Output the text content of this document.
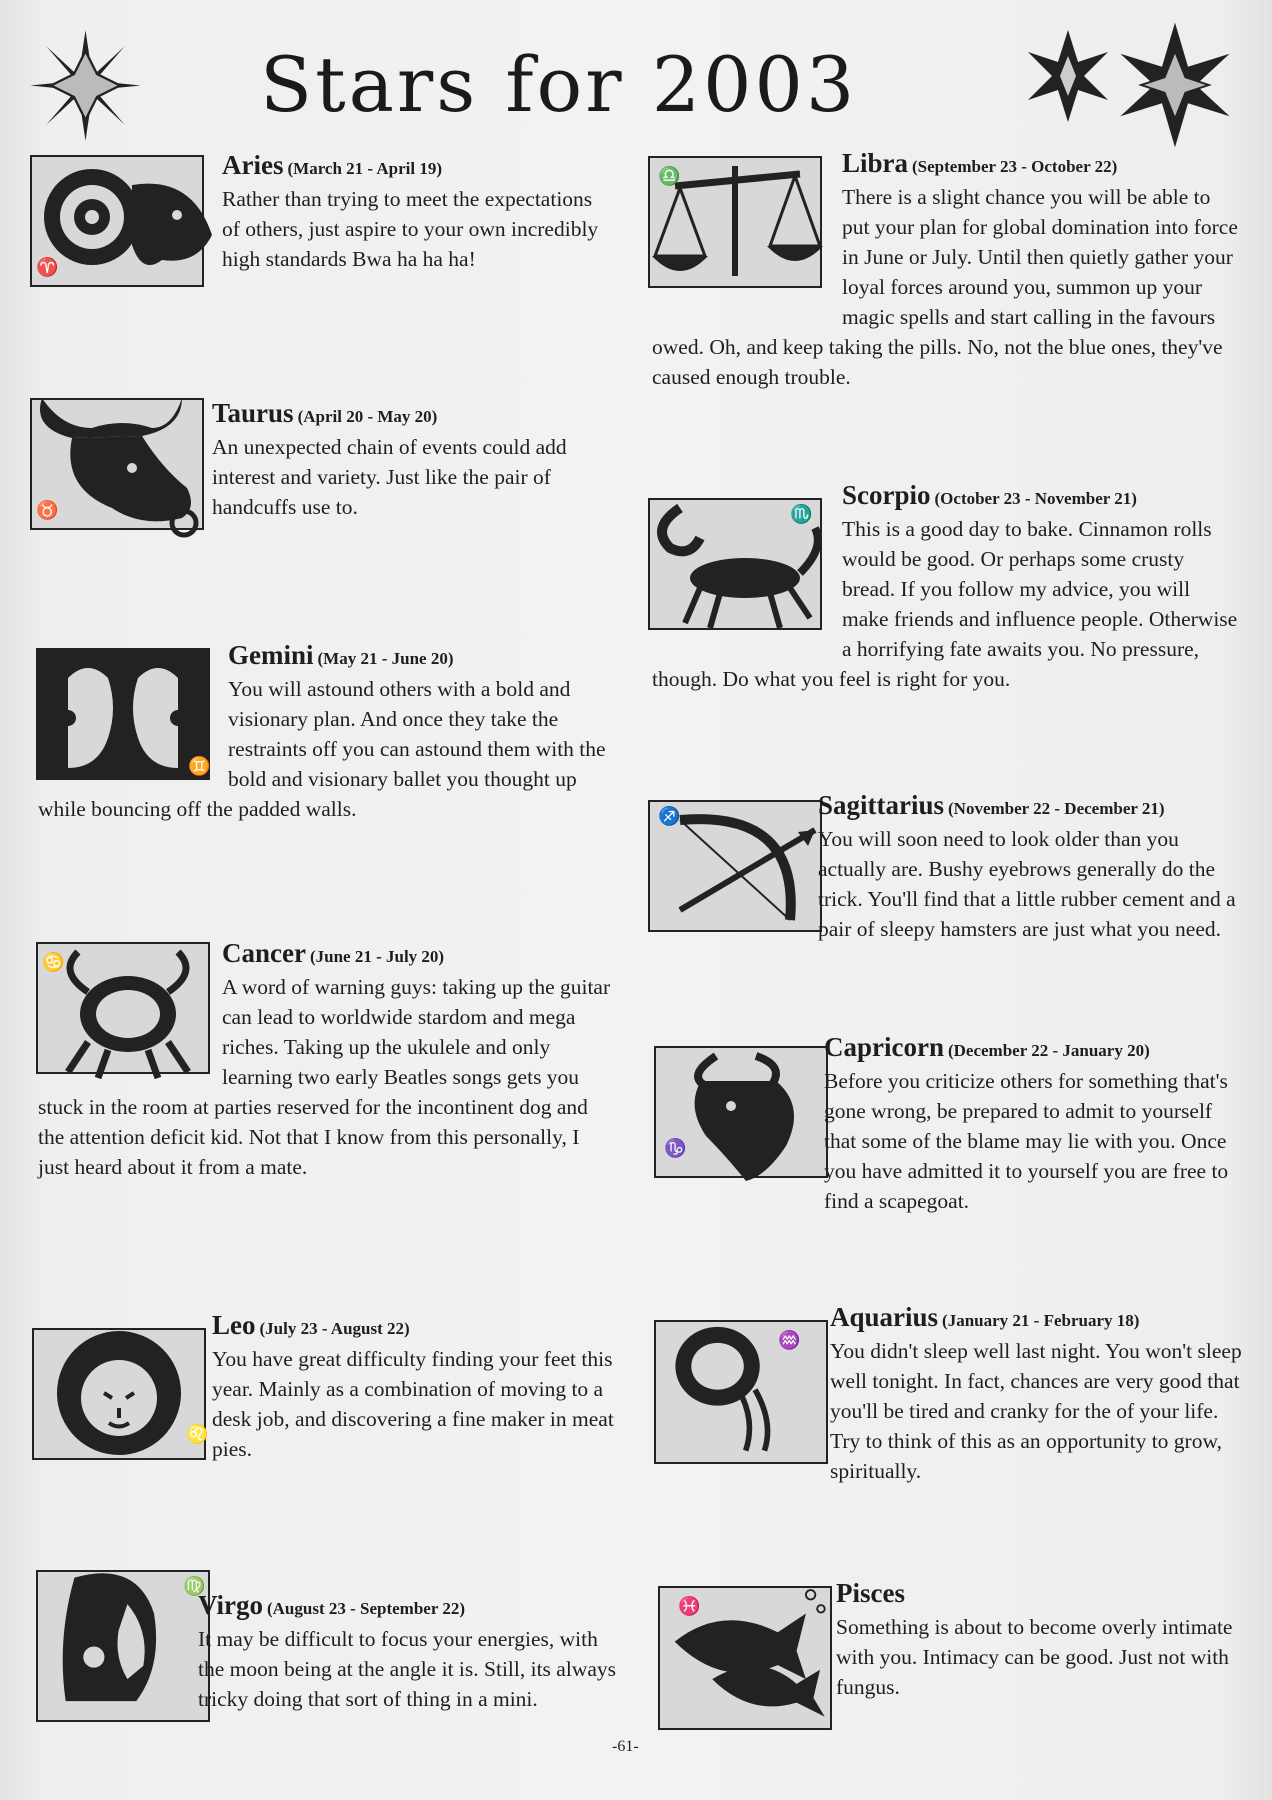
Stars for 2003
♈
Aries (March 21 - April 19)

Rather than trying to meet the expectations of others, just aspire to your own incredibly high standards Bwa ha ha ha!

♉
Taurus (April 20 - May 20)

An unexpected chain of events could add interest and variety. Just like the pair of handcuffs use to.

♊
Gemini (May 21 - June 20)

You will astound others with a bold and visionary plan. And once they take the restraints off you can astound them with the bold and visionary ballet you thought up while bouncing off the padded walls.

♋	Cancer (June 21 - July 20)

A word of warning guys: taking up the guitar can lead to worldwide stardom and mega riches. Taking up the ukulele and only learning two early Beatles songs gets you stuck in the room at parties reserved for the incontinent dog and the attention deficit kid. Not that I know from this personally, I just heard about it from a mate.

♌
Leo (July 23 - August 22)

You have great difficulty finding your feet this year. Mainly as a combination of moving to a desk job, and discovering a fine maker in meat pies.

♍
Virgo (August 23 - September 22)

It may be difficult to focus your energies, with the moon being at the angle it is. Still, its always tricky doing that sort of thing in a mini.

♎	Libra (September 23 - October 22)

There is a slight chance you will be able to put your plan for global domination into force in June or July. Until then quietly gather your loyal forces around you, summon up your magic spells and start calling in the favours owed. Oh, and keep taking the pills. No, not the blue ones, they've caused enough trouble.

♏
Scorpio (October 23 - November 21)

This is a good day to bake. Cinnamon rolls would be good. Or perhaps some crusty bread. If you follow my advice, you will make friends and influence people. Otherwise a horrifying fate awaits you. No pressure, though. Do what you feel is right for you.

♐	Sagittarius (November 22 - December 21)

You will soon need to look older than you actually are. Bushy eyebrows generally do the trick. You'll find that a little rubber cement and a pair of sleepy hamsters are just what you need.

♑
Capricorn (December 22 - January 20)

Before you criticize others for something that's gone wrong, be prepared to admit to yourself that some of the blame may lie with you. Once you have admitted it to yourself you are free to find a scapegoat.

♒
Aquarius (January 21 - February 18)

You didn't sleep well last night. You won't sleep well tonight. In fact, chances are very good that you'll be tired and cranky for the of your life. Try to think of this as an opportunity to grow, spiritually.

♓	Pisces

Something is about to become overly intimate with you. Intimacy can be good. Just not with fungus.

-61-
